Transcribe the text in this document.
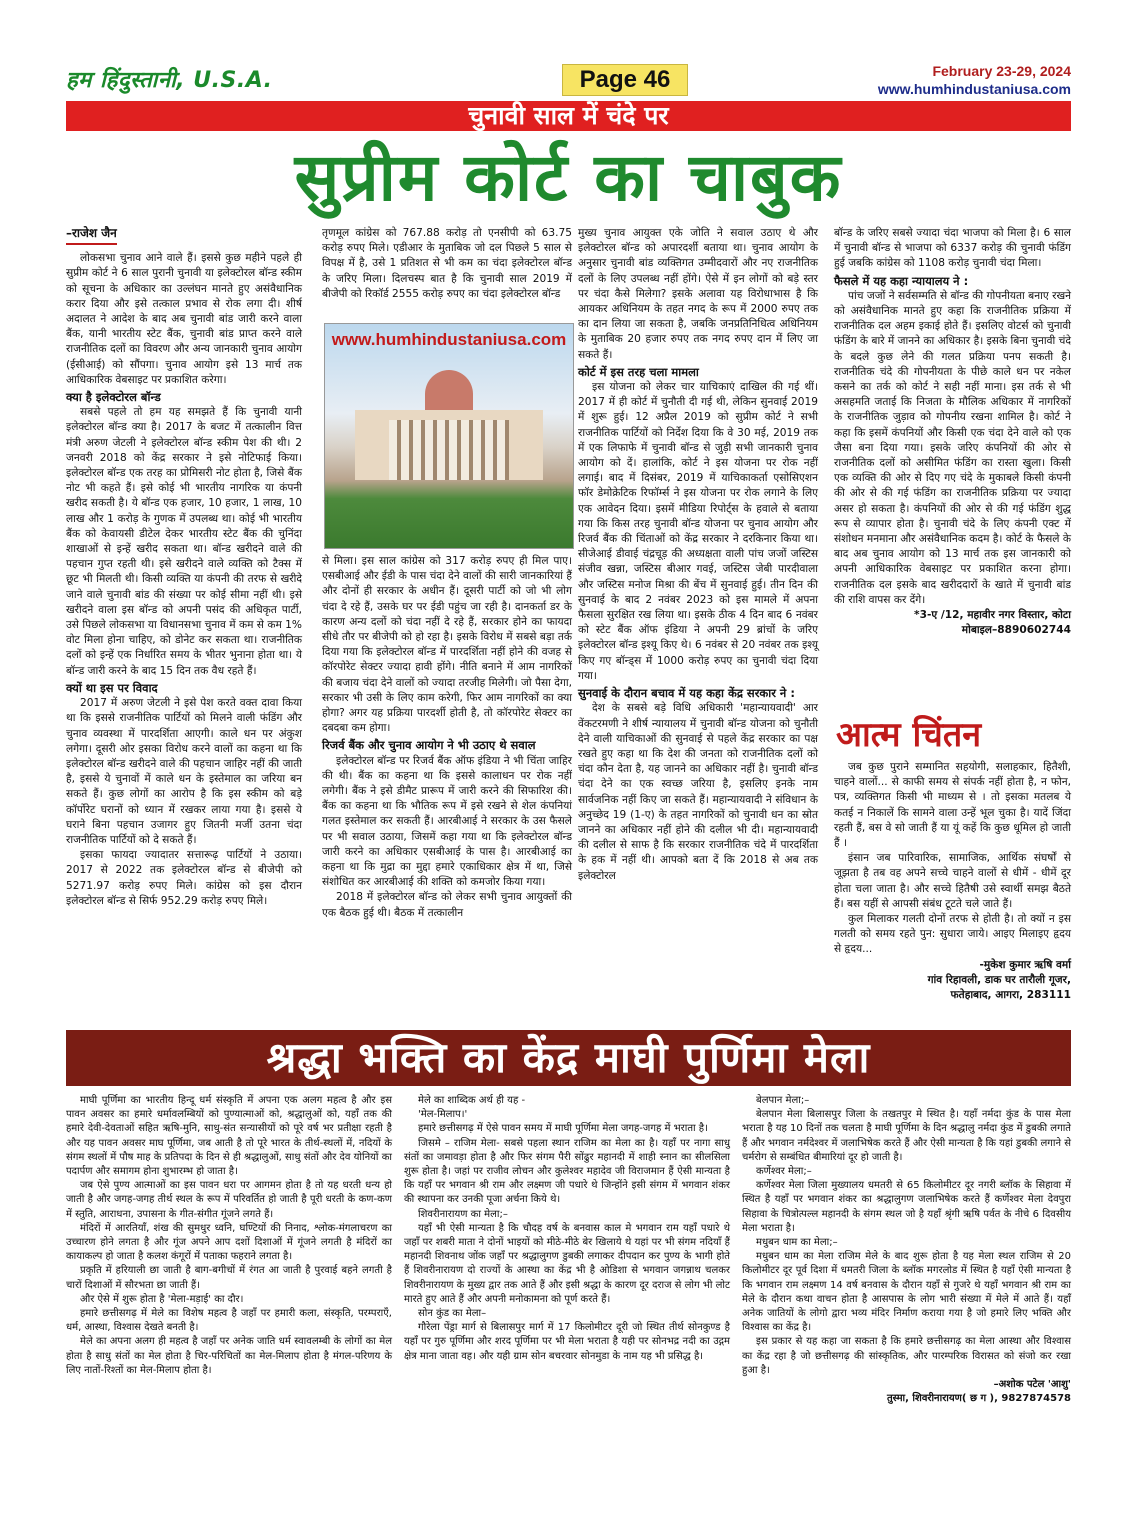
हम हिंदुस्तानी, U.S.A.	Page 46	February 23-29, 2024
www.humhindustaniusa.com
चुनावी साल में चंदे पर
सुप्रीम कोर्ट का चाबुक
–राजेश जैन

लोकसभा चुनाव आने वाले हैं। इससे कुछ महीने पहले ही सुप्रीम कोर्ट ने 6 साल पुरानी चुनावी या इलेक्टोरल बॉन्ड स्कीम को सूचना के अधिकार का उल्लंघन मानते हुए असंवैधानिक करार दिया और इसे तत्काल प्रभाव से रोक लगा दी। शीर्ष अदालत ने आदेश के बाद अब चुनावी बांड जारी करने वाला बैंक, यानी भारतीय स्टेट बैंक, चुनावी बांड प्राप्त करने वाले राजनीतिक दलों का विवरण और अन्य जानकारी चुनाव आयोग (ईसीआई) को सौंपगा। चुनाव आयोग इसे 13 मार्च तक आधिकारिक वेबसाइट पर प्रकाशित करेगा।

क्या है इलेक्टोरल बॉन्ड

सबसे पहले तो हम यह समझते हैं कि चुनावी यानी इलेक्टोरल बॉन्ड क्या है। 2017 के बजट में तत्कालीन वित्त मंत्री अरुण जेटली ने इलेक्टोरल बॉन्ड स्कीम पेश की थी। 2 जनवरी 2018 को केंद्र सरकार ने इसे नोटिफाई किया। इलेक्टोरल बॉन्ड एक तरह का प्रोमिसरी नोट होता है, जिसे बैंक नोट भी कहते हैं। इसे कोई भी भारतीय नागरिक या कंपनी खरीद सकती है। ये बॉन्ड एक हजार, 10 हजार, 1 लाख, 10 लाख और 1 करोड़ के गुणक में उपलब्ध था। कोई भी भारतीय बैंक को केवायसी डीटेल देकर भारतीय स्टेट बैंक की चुनिंदा शाखाओं से इन्हें खरीद सकता था। बॉन्ड खरीदने वाले की पहचान गुप्त रहती थी। इसे खरीदने वाले व्यक्ति को टैक्स में छूट भी मिलती थी। किसी व्यक्ति या कंपनी की तरफ से खरीदे जाने वाले चुनावी बांड की संख्या पर कोई सीमा नहीं थी। इसे खरीदने वाला इस बॉन्ड को अपनी पसंद की अधिकृत पार्टी, उसे पिछले लोकसभा या विधानसभा चुनाव में कम से कम 1% वोट मिला होना चाहिए, को डोनेट कर सकता था। राजनीतिक दलों को इन्हें एक निर्धारित समय के भीतर भुनाना होता था। ये बॉन्ड जारी करने के बाद 15 दिन तक वैध रहते हैं।

क्यों था इस पर विवाद

2017 में अरुण जेटली ने इसे पेश करते वक्त दावा किया था कि इससे राजनीतिक पार्टियों को मिलने वाली फंडिंग और चुनाव व्यवस्था में पारदर्शिता आएगी। काले धन पर अंकुश लगेगा। दूसरी ओर इसका विरोध करने वालों का कहना था कि इलेक्टोरल बॉन्ड खरीदने वाले की पहचान जाहिर नहीं की जाती है, इससे ये चुनावों में काले धन के इस्तेमाल का जरिया बन सकते हैं। कुछ लोगों का आरोप है कि इस स्कीम को बड़े कॉर्पोरेट घरानों को ध्यान में रखकर लाया गया है। इससे ये घराने बिना पहचान उजागर हुए जितनी मर्जी उतना चंदा राजनीतिक पार्टियों को दे सकते हैं।

इसका फायदा ज्यादातर सत्तारूढ़ पार्टियों ने उठाया। 2017 से 2022 तक इलेक्टोरल बॉन्ड से बीजेपी को 5271.97 करोड़ रुपए मिले। कांग्रेस को इस दौरान इलेक्टोरल बॉन्ड से सिर्फ 952.29 करोड़ रुपए मिले।

तृणमूल कांग्रेस को 767.88 करोड़ तो एनसीपी को 63.75 करोड़ रुपए मिले। एडीआर के मुताबिक जो दल पिछले 5 साल से विपक्ष में है, उसे 1 प्रतिशत से भी कम का चंदा इलेक्टोरल बॉन्ड के जरिए मिला। दिलचस्प बात है कि चुनावी साल 2019 में बीजेपी को रिकॉर्ड 2555 करोड़ रुपए का चंदा इलेक्टोरल बॉन्ड

www.humhindustaniusa.com

से मिला। इस साल कांग्रेस को 317 करोड़ रुपए ही मिल पाए। एसबीआई और ईडी के पास चंदा देने वालों की सारी जानकारियां हैं और दोनों ही सरकार के अधीन हैं। दूसरी पार्टी को जो भी लोग चंदा दे रहे हैं, उसके घर पर ईडी पहुंच जा रही है। दानकर्ता डर के कारण अन्य दलों को चंदा नहीं दे रहे हैं, सरकार होने का फायदा सीधे तौर पर बीजेपी को हो रहा है। इसके विरोध में सबसे बड़ा तर्क दिया गया कि इलेक्टोरल बॉन्ड में पारदर्शिता नहीं होने की वजह से कॉरपोरेट सेक्टर ज्यादा हावी होंगे। नीति बनाने में आम नागरिकों की बजाय चंदा देने वालों को ज्यादा तरजीह मिलेगी। जो पैसा देगा, सरकार भी उसी के लिए काम करेगी, फिर आम नागरिकों का क्या होगा? अगर यह प्रक्रिया पारदर्शी होती है, तो कॉरपोरेट सेक्टर का दबदबा कम होगा।

रिजर्व बैंक और चुनाव आयोग ने भी उठाए थे सवाल

इलेक्टोरल बॉन्ड पर रिजर्व बैंक ऑफ इंडिया ने भी चिंता जाहिर की थी। बैंक का कहना था कि इससे कालाधन पर रोक नहीं लगेगी। बैंक ने इसे डीमैट प्रारूप में जारी करने की सिफारिश की। बैंक का कहना था कि भौतिक रूप में इसे रखने से शेल कंपनियां गलत इस्तेमाल कर सकती हैं। आरबीआई ने सरकार के उस फैसले पर भी सवाल उठाया, जिसमें कहा गया था कि इलेक्टोरल बॉन्ड जारी करने का अधिकार एसबीआई के पास है। आरबीआई का कहना था कि मुद्रा का मुद्दा हमारे एकाधिकार क्षेत्र में था, जिसे संशोधित कर आरबीआई की शक्ति को कमजोर किया गया।

2018 में इलेक्टोरल बॉन्ड को लेकर सभी चुनाव आयुक्तों की एक बैठक हुई थी। बैठक में तत्कालीन

मुख्य चुनाव आयुक्त एके जोति ने सवाल उठाए थे और इलेक्टोरल बॉन्ड को अपारदर्शी बताया था। चुनाव आयोग के अनुसार चुनावी बांड व्यक्तिगत उम्मीदवारों और नए राजनीतिक दलों के लिए उपलब्ध नहीं होंगे। ऐसे में इन लोगों को बड़े स्तर पर चंदा कैसे मिलेगा? इसके अलावा यह विरोधाभास है कि आयकर अधिनियम के तहत नगद के रूप में 2000 रुपए तक का दान लिया जा सकता है, जबकि जनप्रतिनिधित्व अधिनियम के मुताबिक 20 हजार रुपए तक नगद रुपए दान में लिए जा सकते हैं।

कोर्ट में इस तरह चला मामला

इस योजना को लेकर चार याचिकाएं दाखिल की गई थीं। 2017 में ही कोर्ट में चुनौती दी गई थी, लेकिन सुनवाई 2019 में शुरू हुई। 12 अप्रैल 2019 को सुप्रीम कोर्ट ने सभी राजनीतिक पार्टियों को निर्देश दिया कि वे 30 मई, 2019 तक में एक लिफाफे में चुनावी बॉन्ड से जुड़ी सभी जानकारी चुनाव आयोग को दें। हालांकि, कोर्ट ने इस योजना पर रोक नहीं लगाई। बाद में दिसंबर, 2019 में याचिकाकर्ता एसोसिएशन फॉर डेमोक्रेटिक रिफॉर्म्स ने इस योजना पर रोक लगाने के लिए एक आवेदन दिया। इसमें मीडिया रिपोर्ट्स के हवाले से बताया गया कि किस तरह चुनावी बॉन्ड योजना पर चुनाव आयोग और रिजर्व बैंक की चिंताओं को केंद्र सरकार ने दरकिनार किया था। सीजेआई डीवाई चंद्रचूड़ की अध्यक्षता वाली पांच जजों जस्टिस संजीव खन्ना, जस्टिस बीआर गवई, जस्टिस जेबी पारदीवाला और जस्टिस मनोज मिश्रा की बेंच में सुनवाई हुई। तीन दिन की सुनवाई के बाद 2 नवंबर 2023 को इस मामले में अपना फैसला सुरक्षित रख लिया था। इसके ठीक 4 दिन बाद 6 नवंबर को स्टेट बैंक ऑफ इंडिया ने अपनी 29 ब्रांचों के जरिए इलेक्टोरल बॉन्ड इश्यू किए थे। 6 नवंबर से 20 नवंबर तक इश्यू किए गए बॉन्ड्स में 1000 करोड़ रुपए का चुनावी चंदा दिया गया।

सुनवाई के दौरान बचाव में यह कहा केंद्र सरकार ने :

देश के सबसे बड़े विधि अधिकारी 'महान्यायवादी' आर वेंकटरमणी ने शीर्ष न्यायालय में चुनावी बॉन्ड योजना को चुनौती देने वाली याचिकाओं की सुनवाई से पहले केंद्र सरकार का पक्ष रखते हुए कहा था कि देश की जनता को राजनीतिक दलों को चंदा कौन देता है, यह जानने का अधिकार नहीं है। चुनावी बॉन्ड चंदा देने का एक स्वच्छ जरिया है, इसलिए इनके नाम सार्वजनिक नहीं किए जा सकते हैं। महान्यायवादी ने संविधान के अनुच्छेद 19 (1-ए) के तहत नागरिकों को चुनावी धन का स्रोत जानने का अधिकार नहीं होने की दलील भी दी। महान्यायवादी की दलील से साफ है कि सरकार राजनीतिक चंदे में पारदर्शिता के हक में नहीं थी। आपको बता दें कि 2018 से अब तक इलेक्टोरल

बॉन्ड के जरिए सबसे ज्यादा चंदा भाजपा को मिला है। 6 साल में चुनावी बॉन्ड से भाजपा को 6337 करोड़ की चुनावी फंडिंग हुई जबकि कांग्रेस को 1108 करोड़ चुनावी चंदा मिला।

फैसले में यह कहा न्यायालय ने :

पांच जजों ने सर्वसम्मति से बॉन्ड की गोपनीयता बनाए रखने को असंवैधानिक मानते हुए कहा कि राजनीतिक प्रक्रिया में राजनीतिक दल अहम इकाई होते हैं। इसलिए वोटर्स को चुनावी फंडिंग के बारे में जानने का अधिकार है। इसके बिना चुनावी चंदे के बदले कुछ लेने की गलत प्रक्रिया पनप सकती है। राजनीतिक चंदे की गोपनीयता के पीछे काले धन पर नकेल कसने का तर्क को कोर्ट ने सही नहीं माना। इस तर्क से भी असहमति जताई कि निजता के मौलिक अधिकार में नागरिकों के राजनीतिक जुड़ाव को गोपनीय रखना शामिल है। कोर्ट ने कहा कि इसमें कंपनियों और किसी एक चंदा देने वाले को एक जैसा बना दिया गया। इसके जरिए कंपनियों की ओर से राजनीतिक दलों को असीमित फंडिंग का रास्ता खुला। किसी एक व्यक्ति की ओर से दिए गए चंदे के मुकाबले किसी कंपनी की ओर से की गई फंडिंग का राजनीतिक प्रक्रिया पर ज्यादा असर हो सकता है। कंपनियों की ओर से की गई फंडिंग शुद्ध रूप से व्यापार होता है। चुनावी चंदे के लिए कंपनी एक्ट में संशोधन मनमाना और असंवैधानिक कदम है। कोर्ट के फैसले के बाद अब चुनाव आयोग को 13 मार्च तक इस जानकारी को अपनी आधिकारिक वेबसाइट पर प्रकाशित करना होगा। राजनीतिक दल इसके बाद खरीददारों के खाते में चुनावी बांड की राशि वापस कर देंगे।

*3-ए /12, महावीर नगर विस्तार, कोटा
मोबाइल–8890602744
आत्म चिंतन

जब कुछ पुराने सम्मानित सहयोगी, सलाहकार, हितैशी, चाहने वालों... से काफी समय से संपर्क नहीं होता है, न फोन, पत्र, व्यक्तिगत किसी भी माध्यम से । तो इसका मतलब ये कतई न निकालें कि सामने वाला उन्हें भूल चुका है। यादें जिंदा रहती हैं, बस वे सो जाती हैं या यूं कहें कि कुछ धूमिल हो जाती हैं ।

इंसान जब पारिवारिक, सामाजिक, आर्थिक संघर्षों से जूझता है तब वह अपने सच्चे चाहने वालों से धीमें - धीमें दूर होता चला जाता है। और सच्चे हितैषी उसे स्वार्थी समझ बैठते हैं। बस यहीं से आपसी संबंध टूटते चले जाते हैं।

कुल मिलाकर गलती दोनों तरफ से होती है। तो क्यों न इस गलती को समय रहते पुन: सुधारा जाये। आइए मिलाइए हृदय से हृदय...

-मुकेश कुमार ऋषि वर्मा
गांव रिहावली, डाक घर तारौली गूजर,
फतेहाबाद, आगरा, 283111
श्रद्धा भक्ति का केंद्र माघी पुर्णिमा मेला

माघी पूर्णिमा का भारतीय हिन्दू धर्म संस्कृति में अपना एक अलग महत्व है और इस पावन अवसर का हमारे धर्मावलम्बियों को पुण्यात्माओं को, श्रद्धालुओं को, यहाँ तक की हमारे देवी-देवताओं सहित ऋषि-मुनि, साधु-संत सन्यासीयों को पूरे वर्ष भर प्रतीक्षा रहती है और यह पावन अवसर माघ पूर्णिमा, जब आती है तो पूरे भारत के तीर्थ-स्थलों में, नदियों के संगम स्थलों में पौष माह के प्रतिपदा के दिन से ही श्रद्धालुओं, साधु संतों और देव योनियों का पदार्पण और समागम होना शुभारम्भ हो जाता है।

जब ऐसे पुण्य आत्माओं का इस पावन धरा पर आगमन होता है तो यह धरती धन्य हो जाती है और जगह-जगह तीर्थ स्थल के रूप में परिवर्तित हो जाती है पूरी धरती के कण-कण में स्तुति, आराधना, उपासना के गीत-संगीत गूंजने लगते हैं।

मंदिरों में आरतियाँ, शंख की सुमधुर ध्वनि, घण्टियों की निनाद, श्लोक-मंगलाचरण का उच्चारण होने लगता है और गूंज अपने आप दशों दिशाओं में गूंजने लगती है मंदिरों का कायाकल्प हो जाता है कलश कंगूरों में पताका फहराने लगता है।

प्रकृति में हरियाली छा जाती है बाग-बगीचों में रंगत आ जाती है पुरवाई बहने लगती है चारों दिशाओं में सौरभता छा जाती हैं।

और ऐसे में शुरू होता है 'मेला-मड़ाई' का दौर।

हमारे छत्तीसगढ़ में मेले का विशेष महत्व है जहाँ पर हमारी कला, संस्कृति, परम्पराएँ, धर्म, आस्था, विश्वास देखते बनती है।

मेले का अपना अलग ही महत्व है जहाँ पर अनेक जाति धर्म स्वावलम्बी के लोगों का मेल होता है साधु संतों का मेल होता है चिर-परिचितों का मेल-मिलाप होता है मंगल-परिणय के लिए नातों-रिश्तों का मेल-मिलाप होता है।

मेले का शाब्दिक अर्थ ही यह -

'मेल-मिलाप।'

हमारे छत्तीसगढ़ में ऐसे पावन समय में माघी पूर्णिमा मेला जगह-जगह में भराता है।

जिसमे – राजिम मेला- सबसे पहला स्थान राजिम का मेला का है। यहाँ पर नागा साधु संतों का जमावड़ा होता है और फिर संगम पैरी सोंढुर महानदी में शाही स्नान का सीलसिला शुरू होता है। जहां पर राजीव लोचन और कुलेश्वर महादेव जी विराजमान हैं ऐसी मान्यता है कि यहाँ पर भगवान श्री राम और लक्ष्मण जी पधारे थे जिन्होंने इसी संगम में भगवान शंकर की स्थापना कर उनकी पूजा अर्चना किये थे।

शिवरीनारायण का मेला;–

यहाँ भी ऐसी मान्यता है कि चौदह वर्ष के बनवास काल मे भगवान राम यहाँ पधारे थे जहाँ पर शबरी माता ने दोनों भाइयों को मीठे-मीठे बेर खिलाये थे यहां पर भी संगम नदियाँ हैं महानदी शिवनाथ जोंक जहाँ पर श्रद्धालुगण डुबकी लगाकर दीपदान कर पुण्य के भागी होते हैं शिवरीनारायण दो राज्यों के आस्था का केंद्र भी है ओडिशा से भगवान जगन्नाथ चलकर शिवरीनारायण के मुख्य द्वार तक आते हैं और इसी श्रद्धा के कारण दूर दराज से लोग भी लोट मारते हुए आते हैं और अपनी मनोकामना को पूर्ण करते हैं।

सोन कुंड का मेला–

गौरेला पेंड्रा मार्ग से बिलासपुर मार्ग में 17 किलोमीटर दूरी जो स्थित तीर्थ सोनकुण्ड है यहाँ पर गुरु पूर्णिमा और शरद पूर्णिमा पर भी मेला भराता है यही पर सोनभद्र नदी का उद्गम क्षेत्र माना जाता वह। और यही ग्राम सोन बचरवार सोनमुडा के नाम यह भी प्रसिद्ध है।

बेलपान मेला;–

बेलपान मेला बिलासपुर जिला के तखतपुर मे स्थित है। यहाँ नर्मदा कुंड के पास मेला भराता है यह 10 दिनों तक चलता है माघी पूर्णिमा के दिन श्रद्धालु नर्मदा कुंड में डुबकी लगाते हैं और भगवान नर्मदेश्वर में जलाभिषेक करते हैं और ऐसी मान्यता है कि यहां डुबकी लगाने से चर्मरोग से सम्बंधित बीमारियां दूर हो जाती है।

कर्णेश्वर मेला;–

कर्णेश्वर मेला जिला मुख्यालय धमतरी से 65 किलोमीटर दूर नगरी ब्लॉक के सिहावा में स्थित है यहाँ पर भगवान शंकर का श्रद्धालुगण जलाभिषेक करते हैं कर्णेश्वर मेला देवपुरा सिहावा के चित्रोत्पल्ल महानदी के संगम स्थल जो है यहाँ श्रृंगी ऋषि पर्वत के नीचे 6 दिवसीय मेला भराता है।

मधुबन धाम का मेला;–

मधुबन धाम का मेला राजिम मेले के बाद शुरू होता है यह मेला स्थल राजिम से 20 किलोमीटर दूर पूर्व दिशा में धमतरी जिला के ब्लॉक मगरलोड में स्थित है यहाँ ऐसी मान्यता है कि भगवान राम लक्ष्मण 14 वर्ष बनवास के दौरान यहाँ से गुजरे थे यहाँ भगवान श्री राम का मेले के दौरान कथा वाचन होता है आसपास के लोग भारी संख्या में मेले में आते हैं। यहाँ अनेक जातियों के लोगो द्वारा भव्य मंदिर निर्माण कराया गया है जो हमारे लिए भक्ति और विश्वास का केंद्र है।

इस प्रकार से यह कहा जा सकता है कि हमारे छत्तीसगढ़ का मेला आस्था और विश्वास का केंद्र रहा है जो छत्तीसगढ़ की सांस्कृतिक, और पारम्परिक विरासत को संजो कर रखा हुआ है।

–अशोक पटेल 'आशु'
तुस्मा, शिवरीनारायण( छ ग ), 9827874578
